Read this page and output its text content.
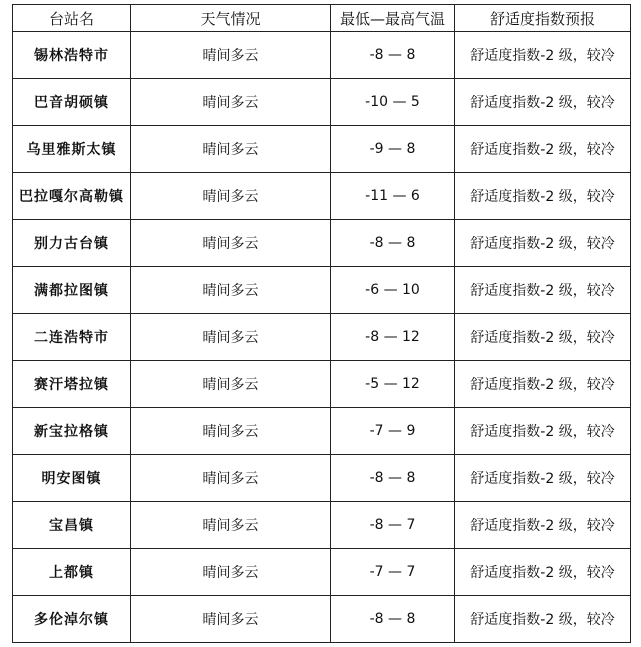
台站名	天气情况	最低—最高气温	舒适度指数预报
锡林浩特市	晴间多云	-8 — 8	舒适度指数-2 级，较冷
巴音胡硕镇	晴间多云	-10 — 5	舒适度指数-2 级，较冷
乌里雅斯太镇	晴间多云	-9 — 8	舒适度指数-2 级，较冷
巴拉嘎尔高勒镇	晴间多云	-11 — 6	舒适度指数-2 级，较冷
别力古台镇	晴间多云	-8 — 8	舒适度指数-2 级，较冷
满都拉图镇	晴间多云	-6 — 10	舒适度指数-2 级，较冷
二连浩特市	晴间多云	-8 — 12	舒适度指数-2 级，较冷
赛汗塔拉镇	晴间多云	-5 — 12	舒适度指数-2 级，较冷
新宝拉格镇	晴间多云	-7 — 9	舒适度指数-2 级，较冷
明安图镇	晴间多云	-8 — 8	舒适度指数-2 级，较冷
宝昌镇	晴间多云	-8 — 7	舒适度指数-2 级，较冷
上都镇	晴间多云	-7 — 7	舒适度指数-2 级，较冷
多伦淖尔镇	晴间多云	-8 — 8	舒适度指数-2 级，较冷
